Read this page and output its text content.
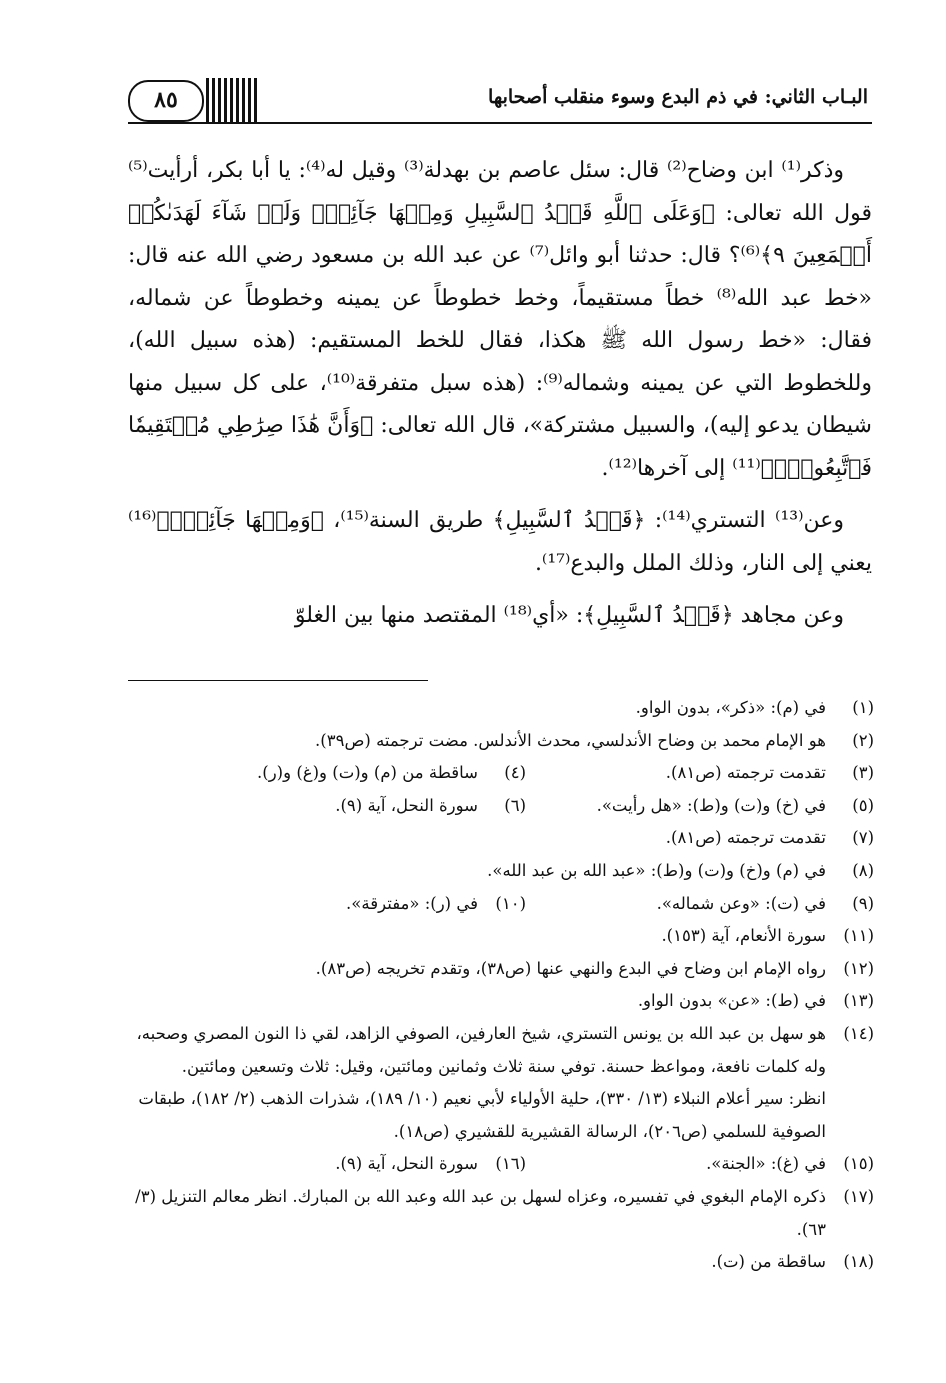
البـاب الثاني: في ذم البدع وسوء منقلب أصحابها
٨٥

وذكر⁽¹⁾ ابن وضاح⁽²⁾ قال: سئل عاصم بن بهدلة⁽³⁾ وقيل له⁽⁴⁾: يا أبا بكر، أرأيت⁽⁵⁾ قول الله تعالى: ﴿وَعَلَى ٱللَّهِ قَصۡدُ ٱلسَّبِيلِ وَمِنۡهَا جَآئِرٞۚ وَلَوۡ شَآءَ لَهَدَىٰكُمۡ أَجۡمَعِينَ ٩﴾⁽⁶⁾؟ قال: حدثنا أبو وائل⁽⁷⁾ عن عبد الله بن مسعود رضي الله عنه قال: «خط عبد الله⁽⁸⁾ خطاً مستقيماً، وخط خطوطاً عن يمينه وخطوطاً عن شماله، فقال: «خط رسول الله ﷺ هكذا، فقال للخط المستقيم: (هذه سبيل الله)، وللخطوط التي عن يمينه وشماله⁽⁹⁾: (هذه سبل متفرقة⁽¹⁰⁾، على كل سبيل منها شيطان يدعو إليه)، والسبيل مشتركة»، قال الله تعالى: ﴿وَأَنَّ هَٰذَا صِرَٰطِي مُسۡتَقِيمٗا فَٱتَّبِعُوهُۖ﴾⁽¹¹⁾ إلى آخرها⁽¹²⁾.

وعن⁽¹³⁾ التستري⁽¹⁴⁾: ﴿قَصۡدُ ٱلسَّبِيلِ﴾ طريق السنة⁽¹⁵⁾، ﴿وَمِنۡهَا جَآئِرٞۚ﴾⁽¹⁶⁾ يعني إلى النار، وذلك الملل والبدع⁽¹⁷⁾.

وعن مجاهد ﴿قَصۡدُ ٱلسَّبِيلِ﴾: «أي⁽¹⁸⁾ المقتصد منها بين الغلوّ

(١)
في (م): «ذكر»، بدون الواو.
(٢)
هو الإمام محمد بن وضاح الأندلسي، محدث الأندلس. مضت ترجمته (ص٣٩).
(٣)
تقدمت ترجمته (ص٨١).
(٤)
ساقطة من (م) و(ت) و(غ) و(ر).
(٥)
في (خ) و(ت) و(ط): «هل رأيت».
(٦)
سورة النحل، آية (٩).
(٧)
تقدمت ترجمته (ص٨١).
(٨)
في (م) و(خ) و(ت) و(ط): «عبد الله بن عبد الله».
(٩)
في (ت): «وعن شماله».
(١٠)
في (ر): «مفترقة».
(١١)
سورة الأنعام، آية (١٥٣).
(١٢)
رواه الإمام ابن وضاح في البدع والنهي عنها (ص٣٨)، وتقدم تخريجه (ص٨٣).
(١٣)
في (ط): «عن» بدون الواو.
(١٤)
هو سهل بن عبد الله بن يونس التستري، شيخ العارفين، الصوفي الزاهد، لقي ذا النون المصري وصحبه، وله كلمات نافعة، ومواعظ حسنة. توفي سنة ثلاث وثمانين ومائتين، وقيل: ثلاث وتسعين ومائتين.
انظر: سير أعلام النبلاء (١٣/ ٣٣٠)، حلية الأولياء لأبي نعيم (١٠/ ١٨٩)، شذرات الذهب (٢/ ١٨٢)، طبقات الصوفية للسلمي (ص٢٠٦)، الرسالة القشيرية للقشيري (ص١٨).
(١٥)
في (غ): «الجنة».
(١٦)
سورة النحل، آية (٩).
(١٧)
ذكره الإمام البغوي في تفسيره، وعزاه لسهل بن عبد الله وعبد الله بن المبارك. انظر معالم التنزيل (٣/ ٦٣).
(١٨)
ساقطة من (ت).
